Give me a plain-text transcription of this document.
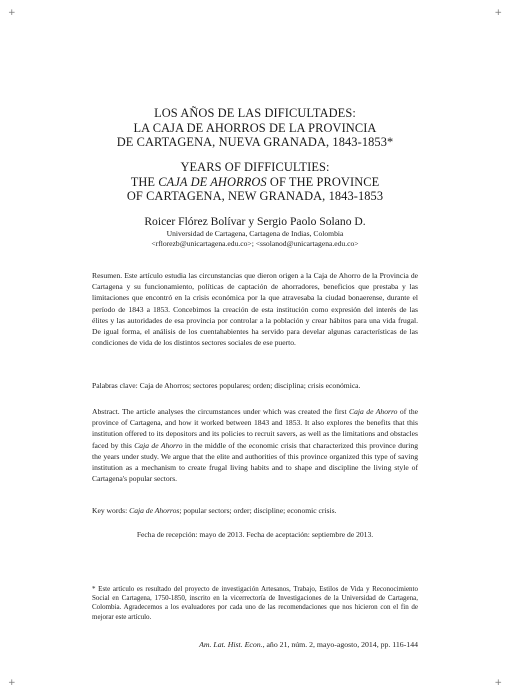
+	+
LOS AÑOS DE LAS DIFICULTADES:
LA CAJA DE AHORROS DE LA PROVINCIA
DE CARTAGENA, NUEVA GRANADA, 1843-1853*
YEARS OF DIFFICULTIES:
THE CAJA DE AHORROS OF THE PROVINCE
OF CARTAGENA, NEW GRANADA, 1843-1853
Roicer Flórez Bolívar y Sergio Paolo Solano D.
Universidad de Cartagena, Cartagena de Indias, Colombia
<rflorezb@unicartagena.edu.co>; <ssolanod@unicartagena.edu.co>
Resumen. Este artículo estudia las circunstancias que dieron origen a la Caja de Ahorro de la Provincia de Cartagena y su funcionamiento, políticas de captación de ahorradores, beneficios que prestaba y las limitaciones que encontró en la crisis económica por la que atravesaba la ciudad bonaerense, durante el período de 1843 a 1853. Concebimos la creación de esta institución como expresión del interés de las élites y las autoridades de esa provincia por controlar a la población y crear hábitos para una vida frugal. De igual forma, el análisis de los cuentahabientes ha servido para develar algunas características de las condiciones de vida de los distintos sectores sociales de ese puerto.
Palabras clave: Caja de Ahorros; sectores populares; orden; disciplina; crisis económica.
Abstract. The article analyses the circumstances under which was created the first Caja de Ahorro of the province of Cartagena, and how it worked between 1843 and 1853. It also explores the benefits that this institution offered to its depositors and its policies to recruit savers, as well as the limitations and obstacles faced by this Caja de Ahorro in the middle of the economic crisis that characterized this province during the years under study. We argue that the elite and authorities of this province organized this type of saving institution as a mechanism to create frugal living habits and to shape and discipline the living style of Cartagena's popular sectors.
Key words: Caja de Ahorros; popular sectors; order; discipline; economic crisis.
Fecha de recepción: mayo de 2013. Fecha de aceptación: septiembre de 2013.
* Este artículo es resultado del proyecto de investigación Artesanos, Trabajo, Estilos de Vida y Reconocimiento Social en Cartagena, 1750-1850, inscrito en la vicerrectoría de Investigaciones de la Universidad de Cartagena, Colombia. Agradecemos a los evaluadores por cada uno de las recomendaciones que nos hicieron con el fin de mejorar este artículo.
Am. Lat. Hist. Econ., año 21, núm. 2, mayo-agosto, 2014, pp. 116-144
+	+
